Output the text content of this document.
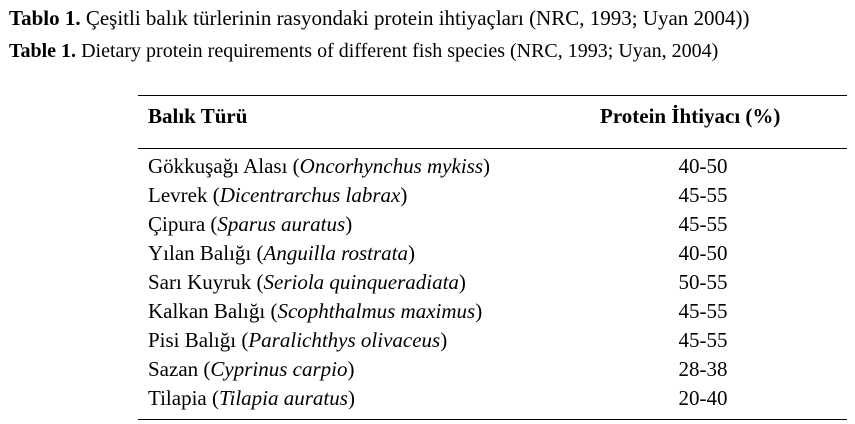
Tablo 1. Çeşitli balık türlerinin rasyondaki protein ihtiyaçları (NRC, 1993; Uyan 2004))
Table 1. Dietary protein requirements of different fish species (NRC, 1993; Uyan, 2004)
Balık Türü	Protein İhtiyacı (%)
Gökkuşağı Alası (Oncorhynchus mykiss)	40-50
Levrek (Dicentrarchus labrax)	45-55
Çipura (Sparus auratus)	45-55
Yılan Balığı (Anguilla rostrata)	40-50
Sarı Kuyruk (Seriola quinqueradiata)	50-55
Kalkan Balığı (Scophthalmus maximus)	45-55
Pisi Balığı (Paralichthys olivaceus)	45-55
Sazan (Cyprinus carpio)	28-38
Tilapia (Tilapia auratus)	20-40
